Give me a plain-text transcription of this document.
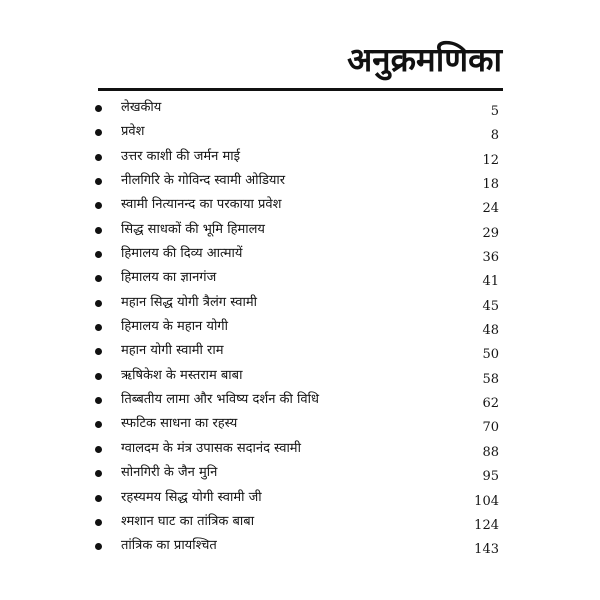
अनुक्रमणिका
लेखकीय	5
प्रवेश	8
उत्तर काशी की जर्मन माई	12
नीलगिरि के गोविन्द स्वामी ओडियार	18
स्वामी नित्यानन्द का परकाया प्रवेश	24
सिद्ध साधकों की भूमि हिमालय	29
हिमालय की दिव्य आत्मायें	36
हिमालय का ज्ञानगंज	41
महान सिद्ध योगी त्रैलंग स्वामी	45
हिमालय के महान योगी	48
महान योगी स्वामी राम	50
ऋषिकेश के मस्तराम बाबा	58
तिब्बतीय लामा और भविष्य दर्शन की विधि	62
स्फटिक साधना का रहस्य	70
ग्वालदम के मंत्र उपासक सदानंद स्वामी	88
सोनगिरी के जैन मुनि	95
रहस्यमय सिद्ध योगी स्वामी जी	104
श्मशान घाट का तांत्रिक बाबा	124
तांत्रिक का प्रायश्चित	143
